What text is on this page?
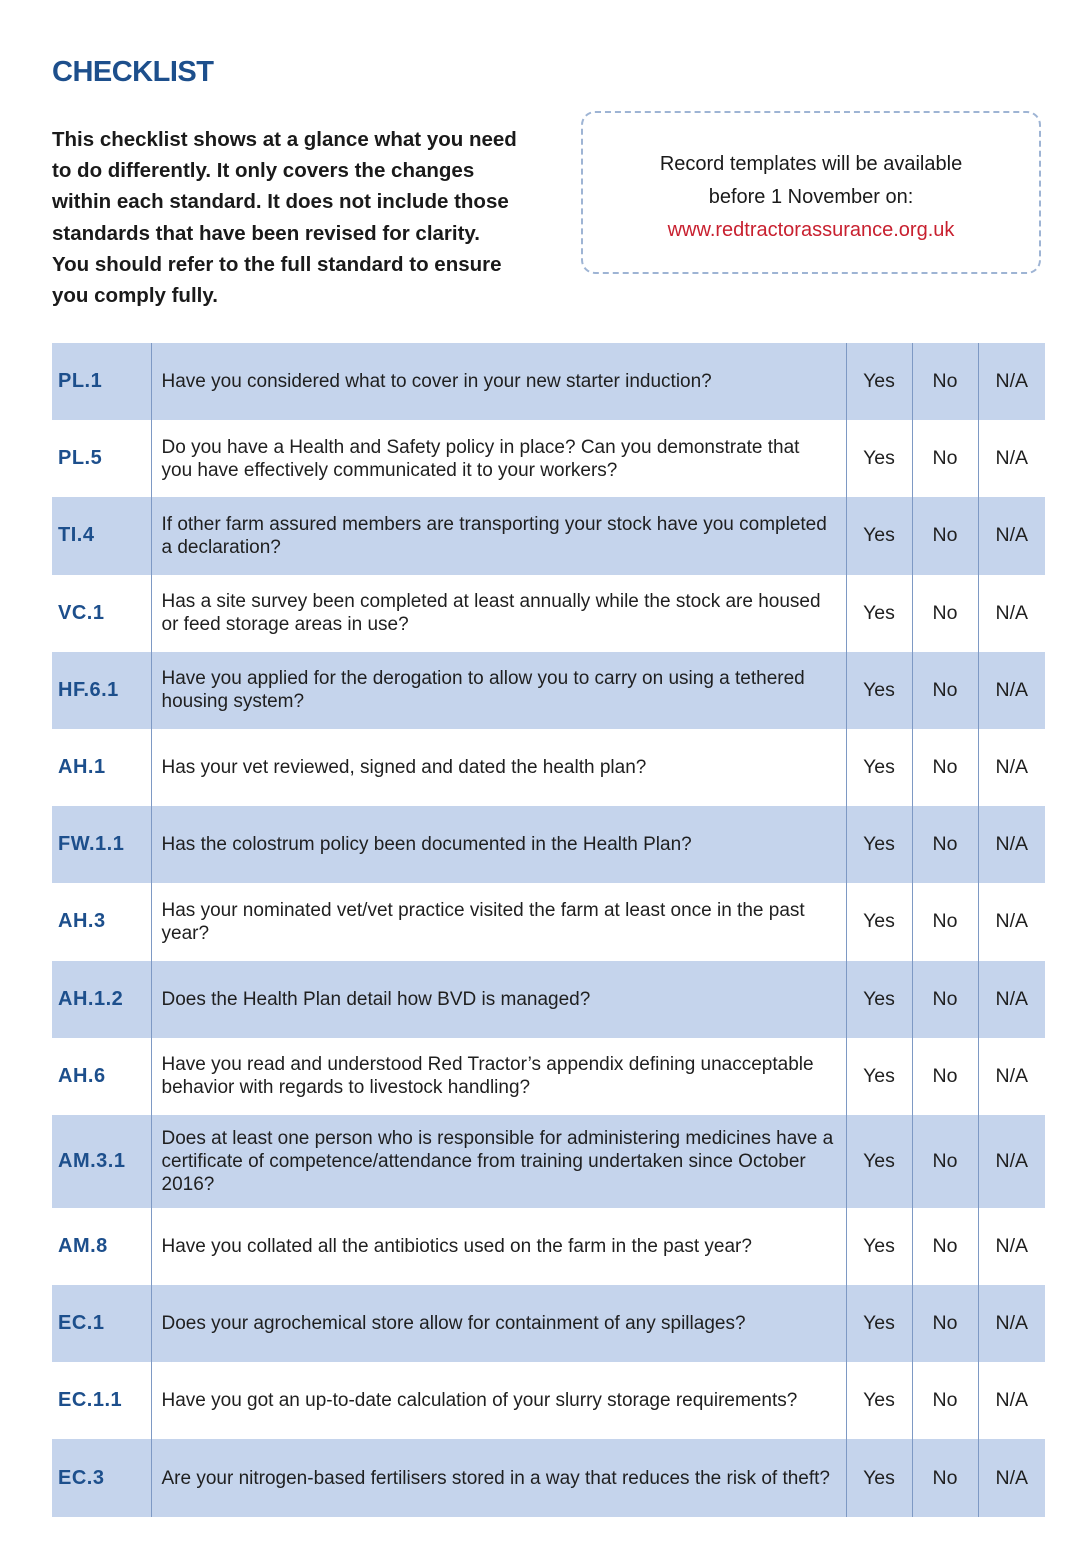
CHECKLIST
This checklist shows at a glance what you need to do differently. It only covers the changes within each standard. It does not include those standards that have been revised for clarity. You should refer to the full standard to ensure you comply fully.
Record templates will be available
before 1 November on:
www.redtractorassurance.org.uk
PL.1	Have you considered what to cover in your new starter induction?	Yes	No	N/A
PL.5	Do you have a Health and Safety policy in place? Can you demonstrate that you have effectively communicated it to your workers?	Yes	No	N/A
TI.4	If other farm assured members are transporting your stock have you completed a declaration?	Yes	No	N/A
VC.1	Has a site survey been completed at least annually while the stock are housed or feed storage areas in use?	Yes	No	N/A
HF.6.1	Have you applied for the derogation to allow you to carry on using a tethered housing system?	Yes	No	N/A
AH.1	Has your vet reviewed, signed and dated the health plan?	Yes	No	N/A
FW.1.1	Has the colostrum policy been documented in the Health Plan?	Yes	No	N/A
AH.3	Has your nominated vet/vet practice visited the farm at least once in the past year?	Yes	No	N/A
AH.1.2	Does the Health Plan detail how BVD is managed?	Yes	No	N/A
AH.6	Have you read and understood Red Tractor’s appendix defining unacceptable behavior with regards to livestock handling?	Yes	No	N/A
AM.3.1	Does at least one person who is responsible for administering medicines have a certificate of competence/attendance from training undertaken since October 2016?	Yes	No	N/A
AM.8	Have you collated all the antibiotics used on the farm in the past year?	Yes	No	N/A
EC.1	Does your agrochemical store allow for containment of any spillages?	Yes	No	N/A
EC.1.1	Have you got an up-to-date calculation of your slurry storage requirements?	Yes	No	N/A
EC.3	Are your nitrogen-based fertilisers stored in a way that reduces the risk of theft?	Yes	No	N/A
